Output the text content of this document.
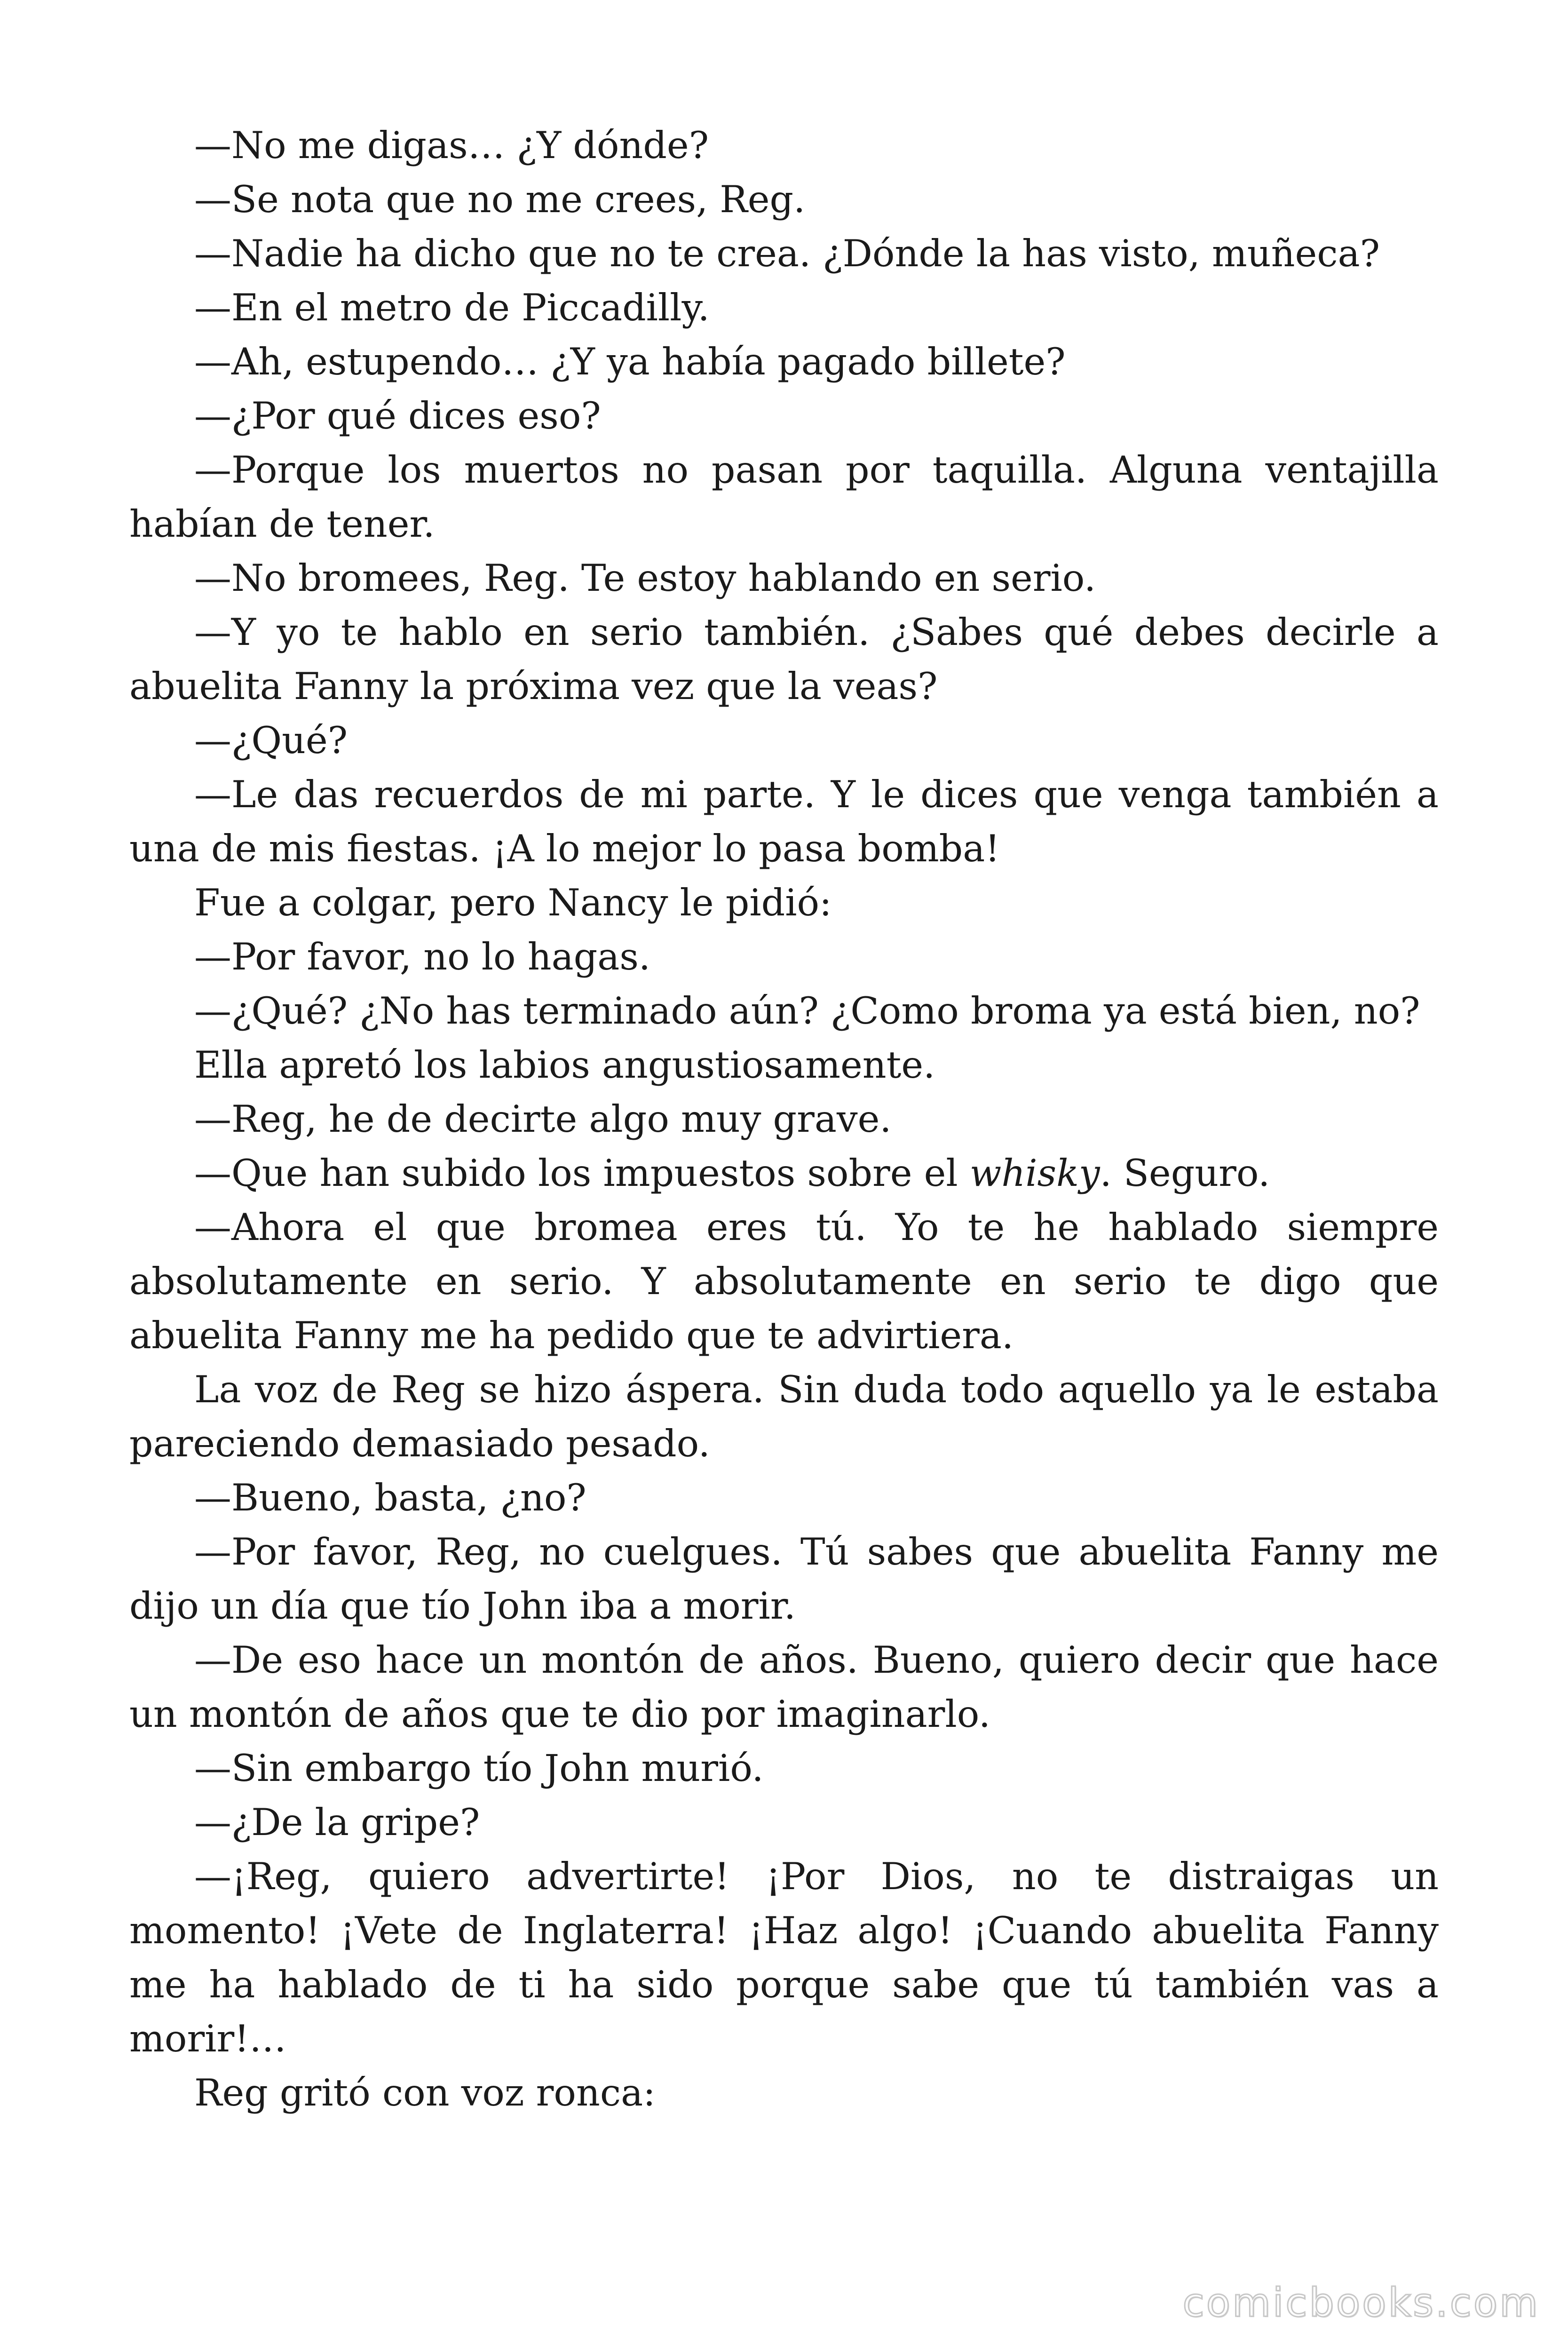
—No me digas… ¿Y dónde?

—Se nota que no me crees, Reg.

—Nadie ha dicho que no te crea. ¿Dónde la has visto, muñeca?

—En el metro de Piccadilly.

—Ah, estupendo… ¿Y ya había pagado billete?

—¿Por qué dices eso?

—Porque los muertos no pasan por taquilla. Alguna ventajilla habían de tener.

—No bromees, Reg. Te estoy hablando en serio.

—Y yo te hablo en serio también. ¿Sabes qué debes decirle a abuelita Fanny la próxima vez que la veas?

—¿Qué?

—Le das recuerdos de mi parte. Y le dices que venga también a una de mis fiestas. ¡A lo mejor lo pasa bomba!

Fue a colgar, pero Nancy le pidió:

—Por favor, no lo hagas.

—¿Qué? ¿No has terminado aún? ¿Como broma ya está bien, no?

Ella apretó los labios angustiosamente.

—Reg, he de decirte algo muy grave.

—Que han subido los impuestos sobre el whisky. Seguro.

—Ahora el que bromea eres tú. Yo te he hablado siempre absolutamente en serio. Y absolutamente en serio te digo que abuelita Fanny me ha pedido que te advirtiera.

La voz de Reg se hizo áspera. Sin duda todo aquello ya le estaba pareciendo demasiado pesado.

—Bueno, basta, ¿no?

—Por favor, Reg, no cuelgues. Tú sabes que abuelita Fanny me dijo un día que tío John iba a morir.

—De eso hace un montón de años. Bueno, quiero decir que hace un montón de años que te dio por imaginarlo.

—Sin embargo tío John murió.

—¿De la gripe?

—¡Reg, quiero advertirte! ¡Por Dios, no te distraigas un momento! ¡Vete de Inglaterra! ¡Haz algo! ¡Cuando abuelita Fanny me ha hablado de ti ha sido porque sabe que tú también vas a morir!…

Reg gritó con voz ronca:

comicbooks.com
